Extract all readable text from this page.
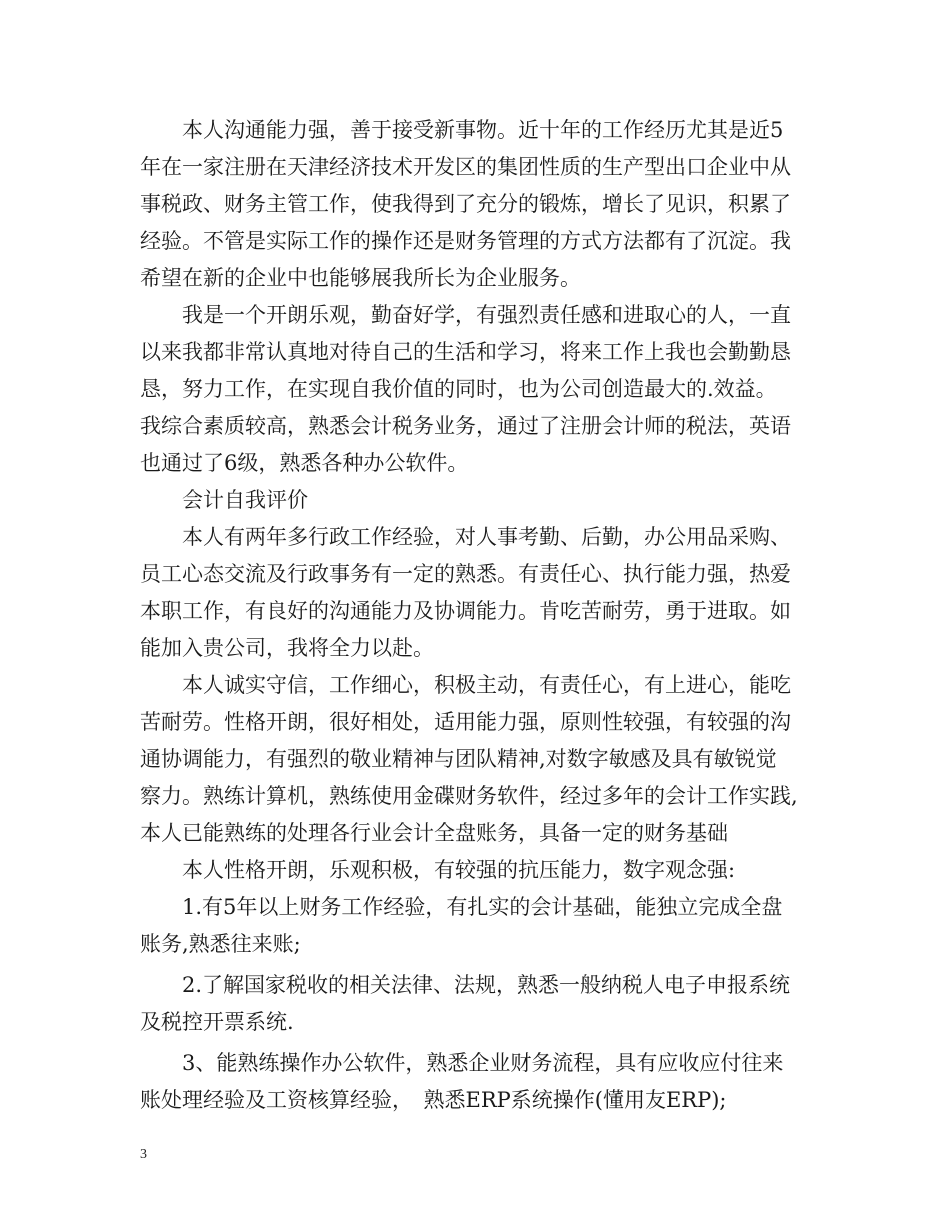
本人沟通能力强，善于接受新事物。近十年的工作经历尤其是近5
年在一家注册在天津经济技术开发区的集团性质的生产型出口企业中从
事税政、财务主管工作，使我得到了充分的锻炼，增长了见识，积累了
经验。不管是实际工作的操作还是财务管理的方式方法都有了沉淀。我
希望在新的企业中也能够展我所长为企业服务。

我是一个开朗乐观，勤奋好学，有强烈责任感和进取心的人，一直
以来我都非常认真地对待自己的生活和学习，将来工作上我也会勤勤恳
恳，努力工作，在实现自我价值的同时，也为公司创造最大的.效益。
我综合素质较高，熟悉会计税务业务，通过了注册会计师的税法，英语
也通过了6级，熟悉各种办公软件。

会计自我评价

本人有两年多行政工作经验，对人事考勤、后勤，办公用品采购、
员工心态交流及行政事务有一定的熟悉。有责任心、执行能力强，热爱
本职工作，有良好的沟通能力及协调能力。肯吃苦耐劳，勇于进取。如
能加入贵公司，我将全力以赴。

本人诚实守信，工作细心，积极主动，有责任心，有上进心，能吃
苦耐劳。性格开朗，很好相处，适用能力强，原则性较强，有较强的沟
通协调能力，有强烈的敬业精神与团队精神,对数字敏感及具有敏锐觉
察力。熟练计算机，熟练使用金碟财务软件，经过多年的会计工作实践,
本人已能熟练的处理各行业会计全盘账务，具备一定的财务基础

本人性格开朗，乐观积极，有较强的抗压能力，数字观念强:

1.有5年以上财务工作经验，有扎实的会计基础，能独立完成全盘
账务,熟悉往来账;

2.了解国家税收的相关法律、法规，熟悉一般纳税人电子申报系统
及税控开票系统.

3、能熟练操作办公软件，熟悉企业财务流程，具有应收应付往来
账处理经验及工资核算经验，　熟悉ERP系统操作(懂用友ERP);

3
